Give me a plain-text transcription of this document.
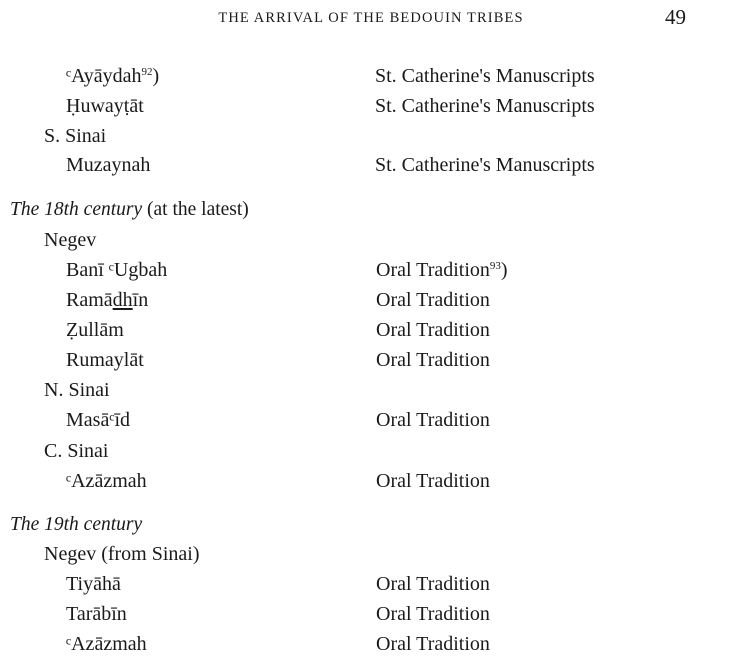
THE ARRIVAL OF THE BEDOUIN TRIBES	49
ᶜAyāydah$^{92}$)	St. Catherine's Manuscripts
Ḥuwayṭāt	St. Catherine's Manuscripts
S. Sinai
Muzaynah	St. Catherine's Manuscripts
The 18th century (at the latest)
Negev
Banī ᶜUgbah	Oral Tradition$^{93}$)
Ramādhīn	Oral Tradition
Ẓullām	Oral Tradition
Rumaylāt	Oral Tradition
N. Sinai
Masāᶜīd	Oral Tradition
C. Sinai
ᶜAzāzmah	Oral Tradition
The 19th century
Negev (from Sinai)
Tiyāhā	Oral Tradition
Tarābīn	Oral Tradition
ᶜAzāzmah	Oral Tradition
